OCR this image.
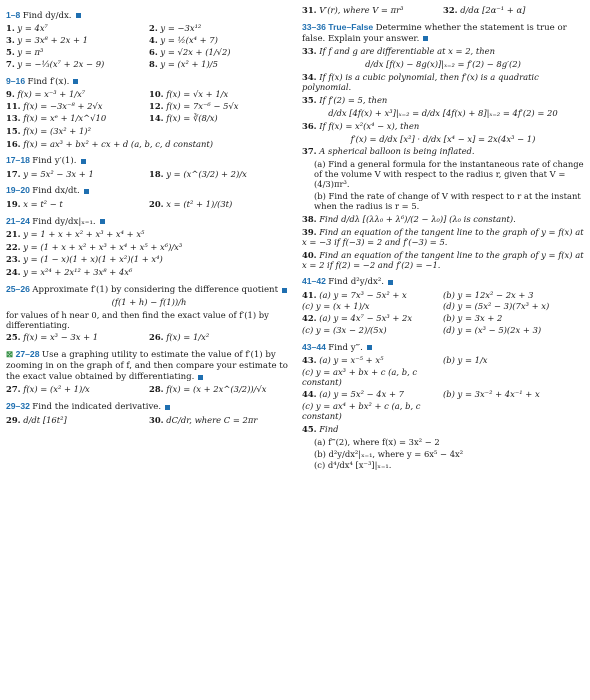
1–8 Find dy/dx.
1. y = 4x⁷	2. y = −3x¹²
3. y = 3x⁸ + 2x + 1	4. y = ½(x⁴ + 7)
5. y = π³	6. y = √2x + (1/√2)
7. y = −⅓(x⁷ + 2x − 9)	8. y = (x² + 1)/5
9–16 Find f′(x).
9. f(x) = x⁻³ + 1/x⁷	10. f(x) = √x + 1/x
11. f(x) = −3x⁻⁸ + 2√x	12. f(x) = 7x⁻⁶ − 5√x
13. f(x) = xᵉ + 1/x^√10	14. f(x) = ∛(8/x)
15. f(x) = (3x² + 1)²
16. f(x) = ax³ + bx² + cx + d (a, b, c, d constant)
17–18 Find y′(1).
17. y = 5x² − 3x + 1	18. y = (x^(3/2) + 2)/x
19–20 Find dx/dt.
19. x = t² − t	20. x = (t² + 1)/(3t)
21–24 Find dy/dx|ₓ₌₁.
21. y = 1 + x + x² + x³ + x⁴ + x⁵
22. y = (1 + x + x² + x³ + x⁴ + x⁵ + x⁶)/x³
23. y = (1 − x)(1 + x)(1 + x²)(1 + x⁴)
24. y = x²⁴ + 2x¹² + 3x⁸ + 4x⁶
25–26 Approximate f′(1) by considering the difference quotient
(f(1 + h) − f(1))/h
for values of h near 0, and then find the exact value of f′(1) by differentiating.
25. f(x) = x³ − 3x + 1	26. f(x) = 1/x²
⊠ 27–28 Use a graphing utility to estimate the value of f′(1) by zooming in on the graph of f, and then compare your estimate to the exact value obtained by differentiating.
27. f(x) = (x² + 1)/x	28. f(x) = (x + 2x^(3/2))/√x
29–32 Find the indicated derivative.
29. d/dt [16t²]	30. dC/dr, where C = 2πr
31. V′(r), where V = πr³	32. d/dα [2α⁻¹ + α]
33–36 True–False Determine whether the statement is true or false. Explain your answer.
33. If f and g are differentiable at x = 2, then
d/dx [f(x) − 8g(x)]|ₓ₌₂ = f′(2) − 8g′(2)
34. If f(x) is a cubic polynomial, then f′(x) is a quadratic polynomial.
35. If f′(2) = 5, then
d/dx [4f(x) + x³]|ₓ₌₂ = d/dx [4f(x) + 8]|ₓ₌₂ = 4f′(2) = 20
36. If f(x) = x²(x⁴ − x), then
f′(x) = d/dx [x²] · d/dx [x⁴ − x] = 2x(4x³ − 1)
37. A spherical balloon is being inflated.
(a) Find a general formula for the instantaneous rate of change of the volume V with respect to the radius r, given that V = (4/3)πr³.
(b) Find the rate of change of V with respect to r at the instant when the radius is r = 5.
38. Find d/dλ [(λλ₀ + λ⁶)/(2 − λ₀)] (λ₀ is constant).
39. Find an equation of the tangent line to the graph of y = f(x) at x = −3 if f(−3) = 2 and f′(−3) = 5.
40. Find an equation of the tangent line to the graph of y = f(x) at x = 2 if f(2) = −2 and f′(2) = −1.
41–42 Find d²y/dx².
41. (a) y = 7x³ − 5x² + x	(b) y = 12x² − 2x + 3
(c) y = (x + 1)/x	(d) y = (5x² − 3)(7x³ + x)
42. (a) y = 4x⁷ − 5x³ + 2x	(b) y = 3x + 2
(c) y = (3x − 2)/(5x)	(d) y = (x³ − 5)(2x + 3)
43–44 Find y‴.
43. (a) y = x⁻⁵ + x⁵	(b) y = 1/x
(c) y = ax³ + bx + c (a, b, c constant)
44. (a) y = 5x² − 4x + 7	(b) y = 3x⁻² + 4x⁻¹ + x
(c) y = ax⁴ + bx² + c (a, b, c constant)
45. Find
(a) f‴(2), where f(x) = 3x² − 2
(b) d²y/dx²|ₓ₌₁, where y = 6x⁵ − 4x²
(c) d⁴/dx⁴ [x⁻³]|ₓ₌₁.
